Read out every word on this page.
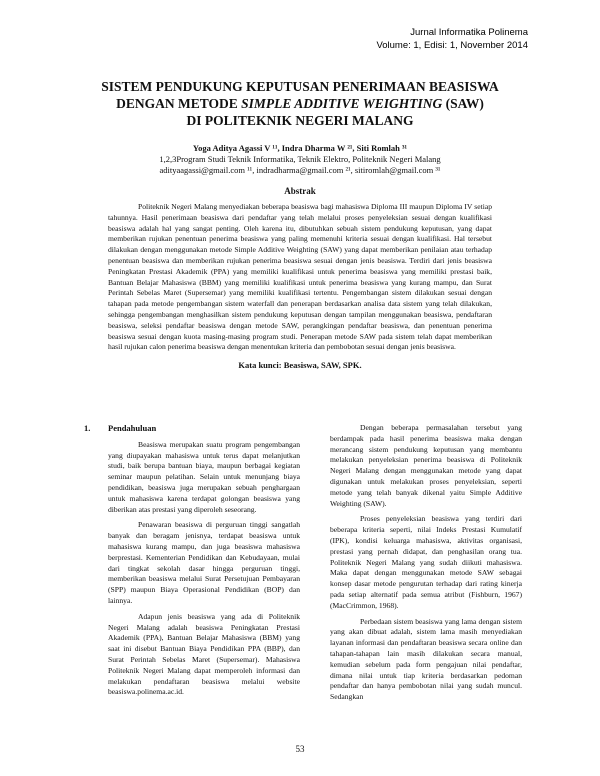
Jurnal Informatika Polinema
Volume: 1, Edisi: 1, November 2014
SISTEM PENDUKUNG KEPUTUSAN PENERIMAAN BEASISWA
DENGAN METODE SIMPLE ADDITIVE WEIGHTING (SAW)
DI POLITEKNIK NEGERI MALANG
Yoga Aditya Agassi V ¹¹, Indra Dharma W ²¹, Siti Romlah ³¹
1,2,3Program Studi Teknik Informatika, Teknik Elektro, Politeknik Negeri Malang
adityaagassi@gmail.com ¹¹, indradharma@gmail.com ²¹, sitiromlah@gmail.com ³¹
Abstrak

Politeknik Negeri Malang menyediakan beberapa beasiswa bagi mahasiswa Diploma III maupun Diploma IV setiap tahunnya. Hasil penerimaan beasiswa dari pendaftar yang telah melalui proses penyeleksian sesuai dengan kualifikasi beasiswa adalah hal yang sangat penting. Oleh karena itu, dibutuhkan sebuah sistem pendukung keputusan, yang dapat memberikan rujukan penentuan penerima beasiswa yang paling memenuhi kriteria sesuai dengan kualifikasi. Hal tersebut dilakukan dengan menggunakan metode Simple Additive Weighting (SAW) yang dapat memberikan penilaian atau terhadap penentuan beasiswa dan memberikan rujukan penerima beasiswa sesuai dengan jenis beasiswa. Terdiri dari jenis beasiswa Peningkatan Prestasi Akademik (PPA) yang memiliki kualifikasi untuk penerima beasiswa yang memiliki prestasi baik, Bantuan Belajar Mahasiswa (BBM) yang memiliki kualifikasi untuk penerima beasiswa yang kurang mampu, dan Surat Perintah Sebelas Maret (Supersemar) yang memiliki kualifikasi tertentu. Pengembangan sistem dilakukan sesuai dengan tahapan pada metode pengembangan sistem waterfall dan penerapan berdasarkan analisa data sistem yang telah dilakukan, sehingga pengembangan menghasilkan sistem pendukung keputusan dengan tampilan menggunakan beasiswa, pendaftaran beasiswa, seleksi pendaftar beasiswa dengan metode SAW, perangkingan pendaftar beasiswa, dan penentuan penerima beasiswa sesuai dengan kuota masing-masing program studi. Penerapan metode SAW pada sistem telah dapat memberikan hasil rujukan calon penerima beasiswa dengan menentukan kriteria dan pembobotan sesuai dengan jenis beasiswa.

Kata kunci: Beasiswa, SAW, SPK.
1. Pendahuluan

Beasiswa merupakan suatu program pengembangan yang diupayakan mahasiswa untuk terus dapat melanjutkan studi, baik berupa bantuan biaya, maupun berbagai kegiatan seminar maupun pelatihan. Selain untuk menunjang biaya pendidikan, beasiswa juga merupakan sebuah penghargaan untuk mahasiswa karena terdapat golongan beasiswa yang diberikan atas prestasi yang diperoleh seseorang.

Penawaran beasiswa di perguruan tinggi sangatlah banyak dan beragam jenisnya, terdapat beasiswa untuk mahasiswa kurang mampu, dan juga beasiswa mahasiswa berprestasi. Kementerian Pendidikan dan Kebudayaan, mulai dari tingkat sekolah dasar hingga perguruan tinggi, memberikan beasiswa melalui Surat Persetujuan Pembayaran (SPP) maupun Biaya Operasional Pendidikan (BOP) dan lainnya.

Adapun jenis beasiswa yang ada di Politeknik Negeri Malang adalah beasiswa Peningkatan Prestasi Akademik (PPA), Bantuan Belajar Mahasiswa (BBM) yang saat ini disebut Bantuan Biaya Pendidikan PPA (BBP), dan Surat Perintah Sebelas Maret (Supersemar). Mahasiswa Politeknik Negeri Malang dapat memperoleh informasi dan melakukan pendaftaran beasiswa melalui website beasiswa.polinema.ac.id.

Dengan beberapa permasalahan tersebut yang berdampak pada hasil penerima beasiswa maka dengan merancang sistem pendukung keputusan yang membantu melakukan penyeleksian penerima beasiswa di Politeknik Negeri Malang dengan menggunakan metode yang dapat digunakan untuk melakukan proses penyeleksian, seperti metode yang telah banyak dikenal yaitu Simple Additive Weighting (SAW).

Proses penyeleksian beasiswa yang terdiri dari beberapa kriteria seperti, nilai Indeks Prestasi Kumulatif (IPK), kondisi keluarga mahasiswa, aktivitas organisasi, prestasi yang pernah didapat, dan penghasilan orang tua. Politeknik Negeri Malang yang sudah diikuti mahasiswa. Maka dapat dengan menggunakan metode SAW sebagai konsep dasar metode pengurutan terhadap dari rating kinerja pada setiap alternatif pada semua atribut (Fishburn, 1967) (MacCrimmon, 1968).

Perbedaan sistem beasiswa yang lama dengan sistem yang akan dibuat adalah, sistem lama masih menyediakan layanan informasi dan pendaftaran beasiswa secara online dan tahapan-tahapan lain masih dilakukan secara manual, kemudian sebelum pada form pengajuan nilai pendaftar, dimana nilai untuk tiap kriteria berdasarkan pedoman pendaftar dan hanya pembobotan nilai yang sudah muncul. Sedangkan

53
